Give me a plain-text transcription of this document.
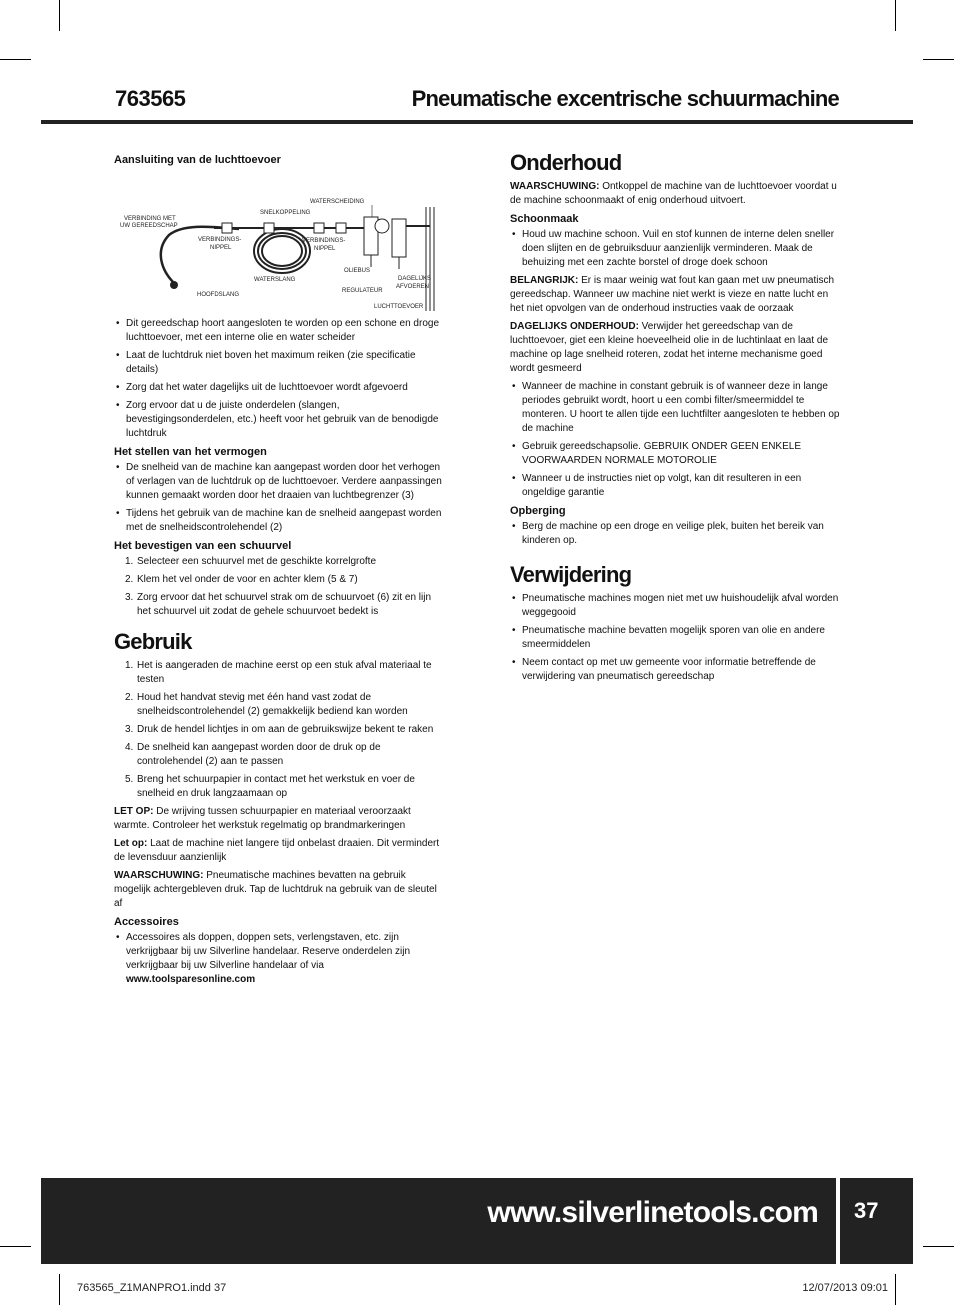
763565	Pneumatische excentrische schuurmachine
Aansluiting van de luchttoevoer
WATERSCHEIDING
VERBINDING MET
UW GEREEDSCHAP
SNELKOPPELING
VERBINDINGS-
NIPPEL
VERBINDINGS-
NIPPEL
OLIEBUS
DAGELIJKS
AFVOEREN
WATERSLANG
REGULATEUR
HOOFDSLANG
LUCHTTOEVOER
• Dit gereedschap hoort aangesloten te worden op een schone en droge luchttoevoer, met een interne olie en water scheider
• Laat de luchtdruk niet boven het maximum reiken (zie specificatie details)
• Zorg dat het water dagelijks uit de luchttoevoer wordt afgevoerd
• Zorg ervoor dat u de juiste onderdelen (slangen, bevestigingsonderdelen, etc.) heeft voor het gebruik van de benodigde luchtdruk
Het stellen van het vermogen
• De snelheid van de machine kan aangepast worden door het verhogen of verlagen van de luchtdruk op de luchttoevoer. Verdere aanpassingen kunnen gemaakt worden door het draaien van luchtbegrenzer (3)
• Tijdens het gebruik van de machine kan de snelheid aangepast worden met de snelheidscontrolehendel (2)
Het bevestigen van een schuurvel
1. Selecteer een schuurvel met de geschikte korrelgrofte
2. Klem het vel onder de voor en achter klem (5 & 7)
3. Zorg ervoor dat het schuurvel strak om de schuurvoet (6) zit en lijn het schuurvel uit zodat de gehele schuurvoet bedekt is
Gebruik
1. Het is aangeraden de machine eerst op een stuk afval materiaal te testen
2. Houd het handvat stevig met één hand vast zodat de snelheidscontrolehendel (2) gemakkelijk bediend kan worden
3. Druk de hendel lichtjes in om aan de gebruikswijze bekent te raken
4. De snelheid kan aangepast worden door de druk op de controlehendel (2) aan te passen
5. Breng het schuurpapier in contact met het werkstuk en voer de snelheid en druk langzaamaan op

LET OP: De wrijving tussen schuurpapier en materiaal veroorzaakt warmte. Controleer het werkstuk regelmatig op brandmarkeringen

Let op: Laat de machine niet langere tijd onbelast draaien. Dit vermindert de levensduur aanzienlijk

WAARSCHUWING: Pneumatische machines bevatten na gebruik mogelijk achtergebleven druk. Tap de luchtdruk na gebruik van de sleutel af

Accessoires
• Accessoires als doppen, doppen sets, verlengstaven, etc. zijn verkrijgbaar bij uw Silverline handelaar. Reserve onderdelen zijn verkrijgbaar bij uw Silverline handelaar of via www.toolsparesonline.com
Onderhoud

WAARSCHUWING: Ontkoppel de machine van de luchttoevoer voordat u de machine schoonmaakt of enig onderhoud uitvoert.

Schoonmaak
• Houd uw machine schoon. Vuil en stof kunnen de interne delen sneller doen slijten en de gebruiksduur aanzienlijk verminderen. Maak de behuizing met een zachte borstel of droge doek schoon

BELANGRIJK: Er is maar weinig wat fout kan gaan met uw pneumatisch gereedschap. Wanneer uw machine niet werkt is vieze en natte lucht en het niet opvolgen van de onderhoud instructies vaak de oorzaak

DAGELIJKS ONDERHOUD: Verwijder het gereedschap van de luchttoevoer, giet een kleine hoeveelheid olie in de luchtinlaat en laat de machine op lage snelheid roteren, zodat het interne mechanisme goed wordt gesmeerd

• Wanneer de machine in constant gebruik is of wanneer deze in lange periodes gebruikt wordt, hoort u een combi filter/smeermiddel te monteren. U hoort te allen tijde een luchtfilter aangesloten te hebben op de machine
• Gebruik gereedschapsolie. GEBRUIK ONDER GEEN ENKELE VOORWAARDEN NORMALE MOTOROLIE
• Wanneer u de instructies niet op volgt, kan dit resulteren in een ongeldige garantie
Opberging
• Berg de machine op een droge en veilige plek, buiten het bereik van kinderen op.
Verwijdering
• Pneumatische machines mogen niet met uw huishoudelijk afval worden weggegooid
• Pneumatische machine bevatten mogelijk sporen van olie en andere smeermiddelen
• Neem contact op met uw gemeente voor informatie betreffende de verwijdering van pneumatisch gereedschap
www.silverlinetools.com 37
763565_Z1MANPRO1.indd 37	12/07/2013 09:01
